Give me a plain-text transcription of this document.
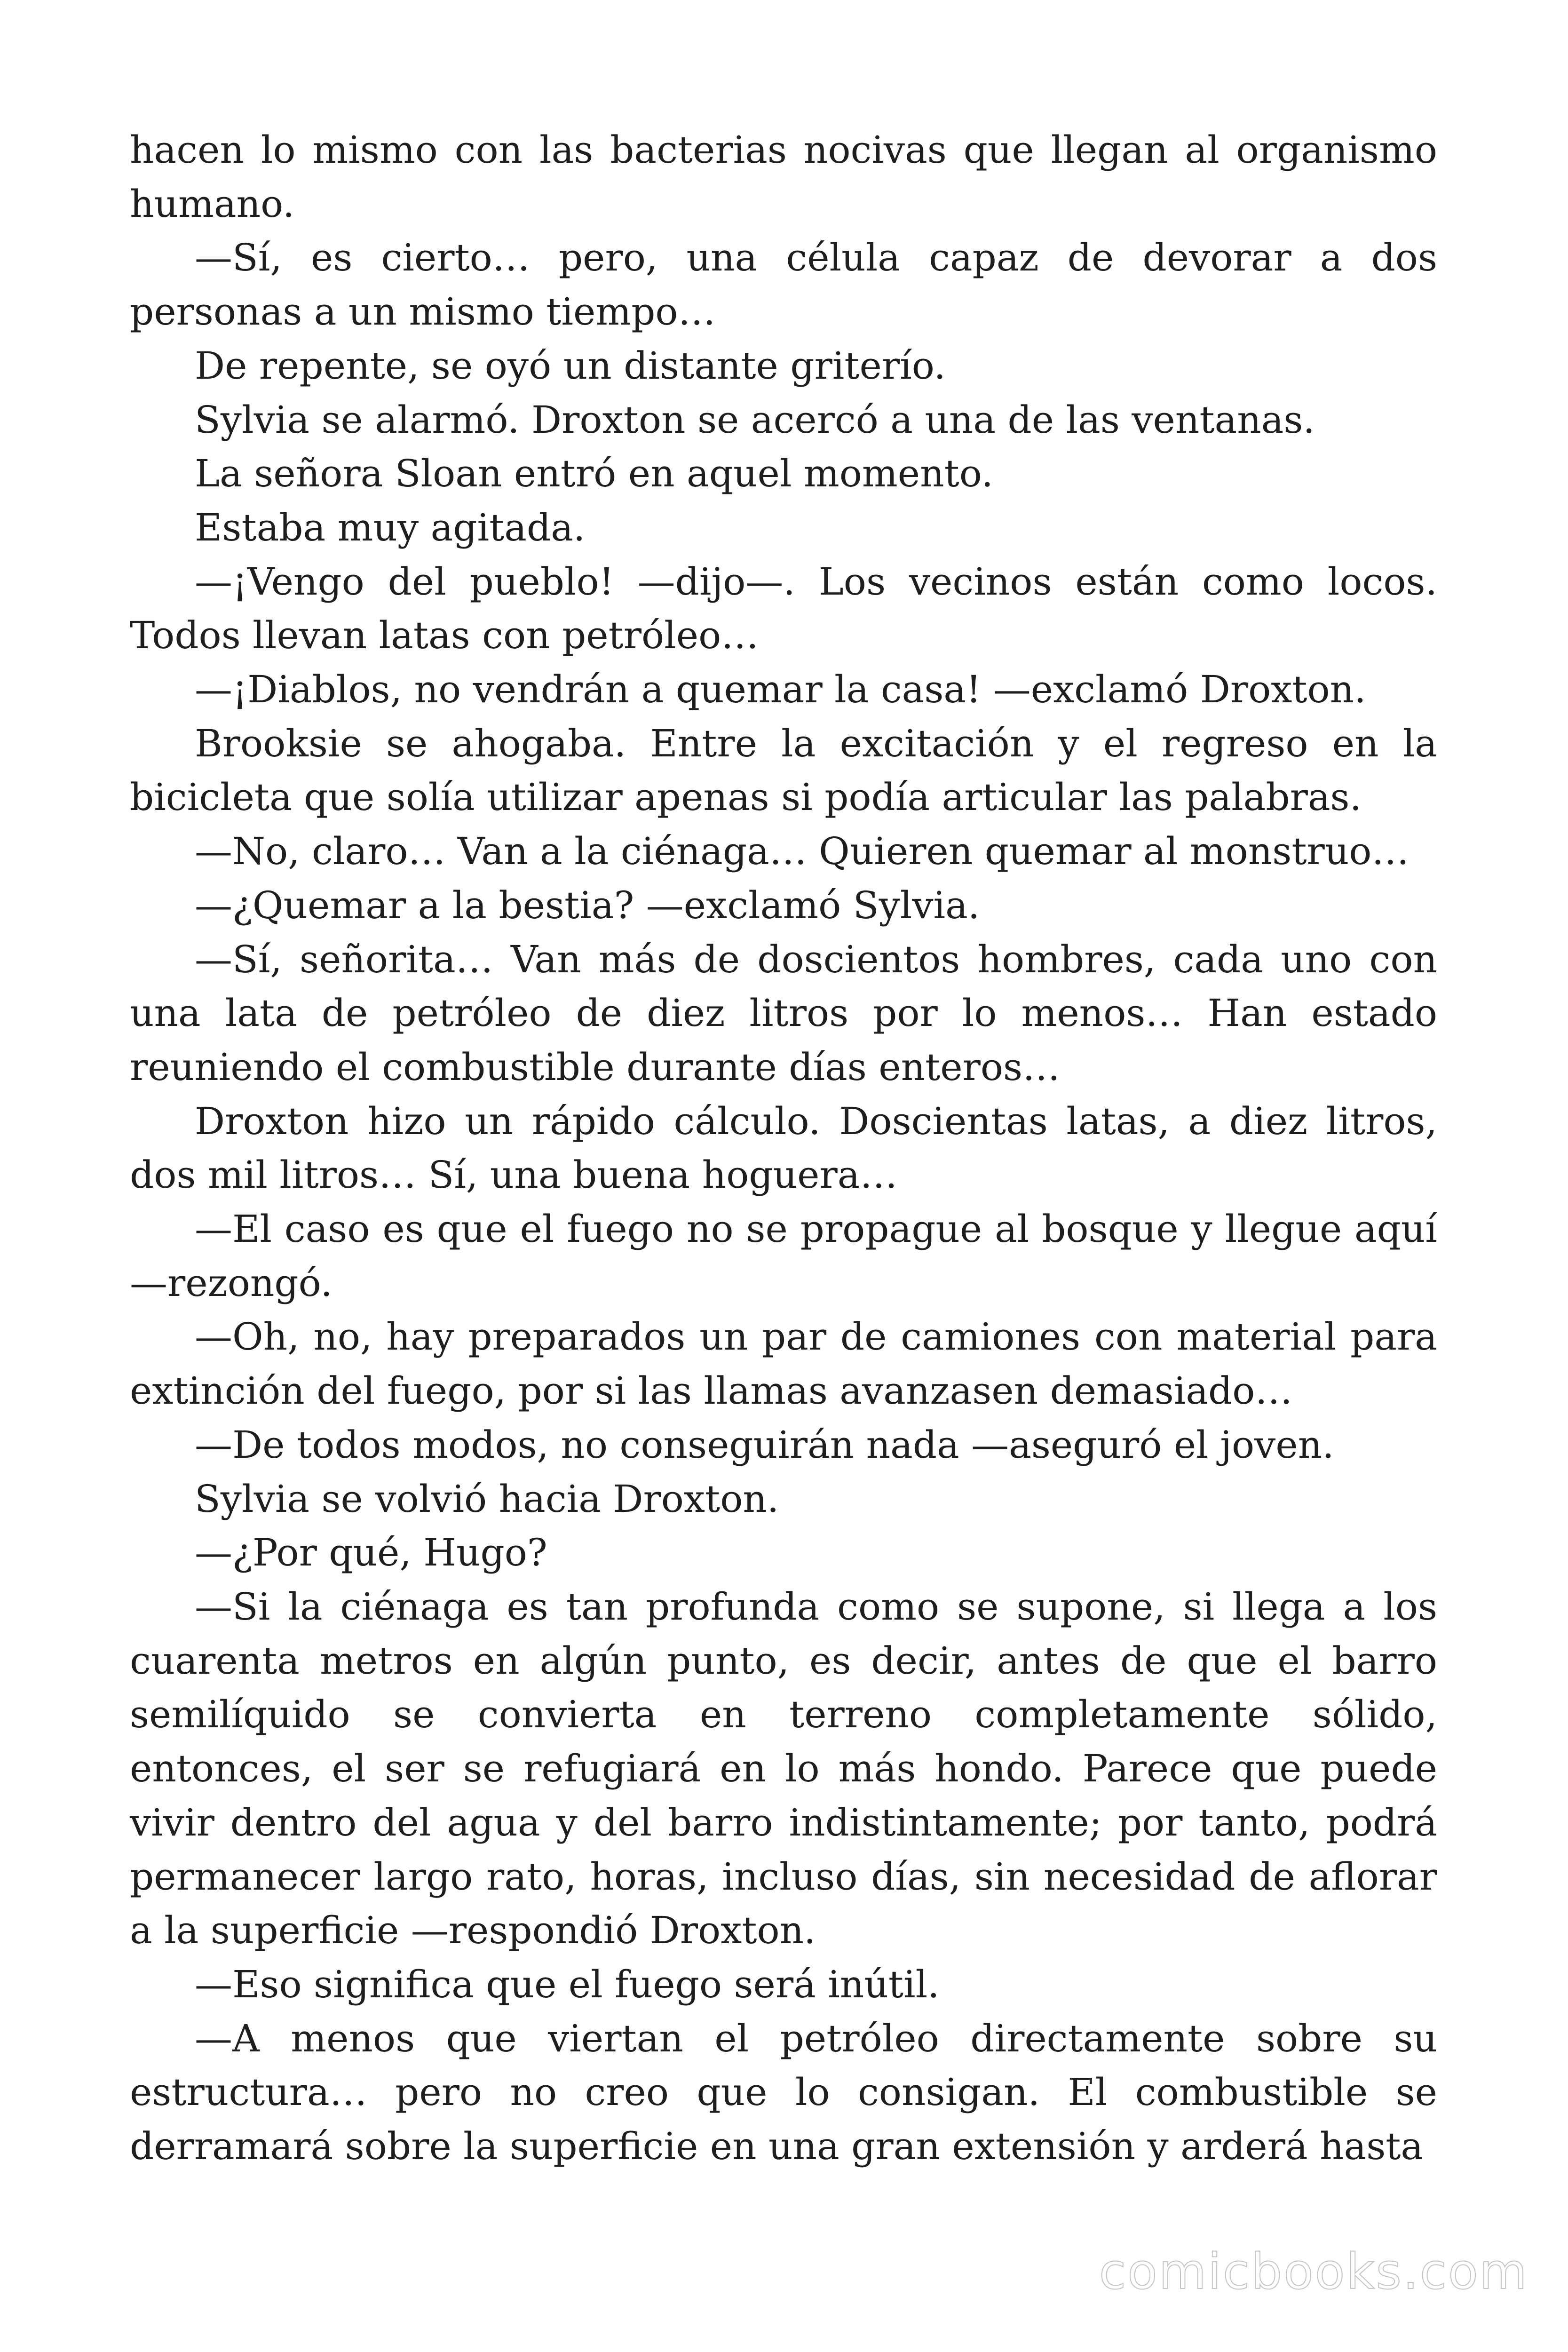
hacen lo mismo con las bacterias nocivas que llegan al organismo humano.

—Sí, es cierto… pero, una célula capaz de devorar a dos personas a un mismo tiempo…

De repente, se oyó un distante griterío.

Sylvia se alarmó. Droxton se acercó a una de las ventanas.

La señora Sloan entró en aquel momento.

Estaba muy agitada.

—¡Vengo del pueblo! —dijo—. Los vecinos están como locos. Todos llevan latas con petróleo…

—¡Diablos, no vendrán a quemar la casa! —exclamó Droxton.

Brooksie se ahogaba. Entre la excitación y el regreso en la bicicleta que solía utilizar apenas si podía articular las palabras.

—No, claro… Van a la ciénaga… Quieren quemar al monstruo…

—¿Quemar a la bestia? —exclamó Sylvia.

—Sí, señorita… Van más de doscientos hombres, cada uno con una lata de petróleo de diez litros por lo menos… Han estado reuniendo el combustible durante días enteros…

Droxton hizo un rápido cálculo. Doscientas latas, a diez litros, dos mil litros… Sí, una buena hoguera…

—El caso es que el fuego no se propague al bosque y llegue aquí —rezongó.

—Oh, no, hay preparados un par de camiones con material para extinción del fuego, por si las llamas avanzasen demasiado…

—De todos modos, no conseguirán nada —aseguró el joven.

Sylvia se volvió hacia Droxton.

—¿Por qué, Hugo?

—Si la ciénaga es tan profunda como se supone, si llega a los cuarenta metros en algún punto, es decir, antes de que el barro semilíquido se convierta en terreno completamente sólido, entonces, el ser se refugiará en lo más hondo. Parece que puede vivir dentro del agua y del barro indistintamente; por tanto, podrá permanecer largo rato, horas, incluso días, sin necesidad de aflorar a la superficie —respondió Droxton.

—Eso significa que el fuego será inútil.

—A menos que viertan el petróleo directamente sobre su estructura… pero no creo que lo consigan. El combustible se derramará sobre la superficie en una gran extensión y arderá hasta

comicbooks.com
